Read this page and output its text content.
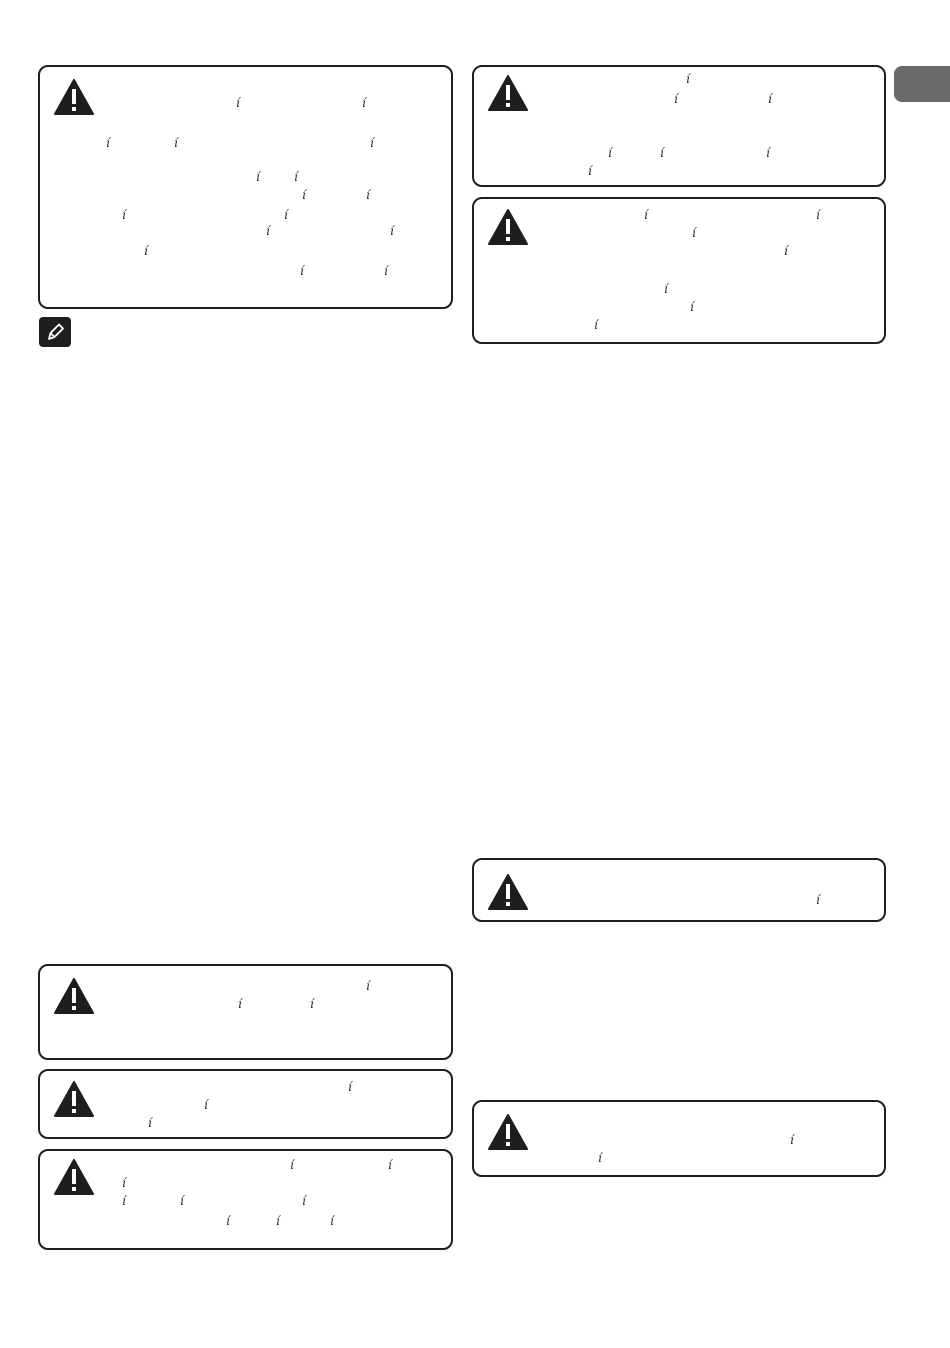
í	í
í	í	í
í	í
í	í
í	í
í	í
í
í	í
í
í	í
í
í
í
í	í
í
í	í	í
í	í	í
í
í	í
í	í	í
í
í	í
í
í
í
í
í
í
í
í
